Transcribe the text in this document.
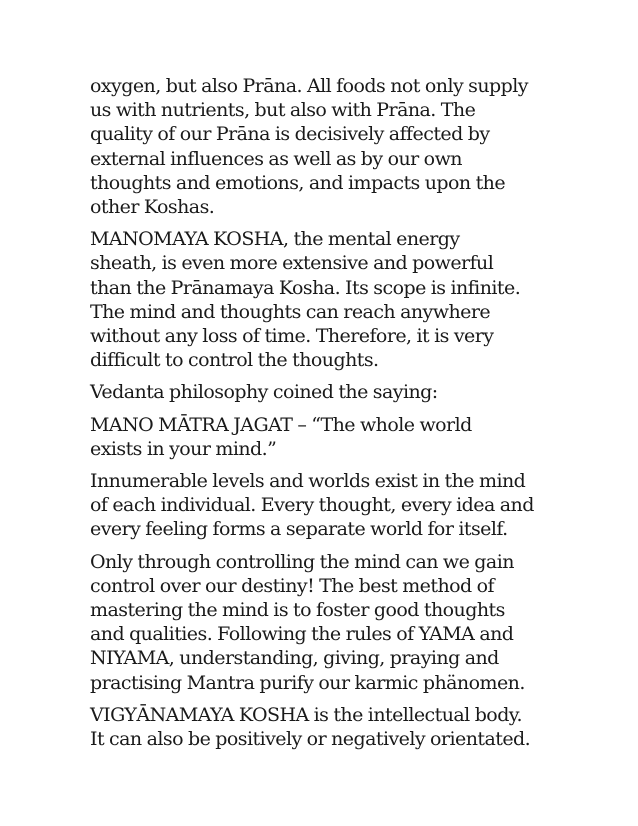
oxygen, but also Prāna. All foods not only supply
us with nutrients, but also with Prāna. The
quality of our Prāna is decisively affected by
external influences as well as by our own
thoughts and emotions, and impacts upon the
other Koshas.

MANOMAYA KOSHA, the mental energy
sheath, is even more extensive and powerful
than the Prānamaya Kosha. Its scope is infinite.
The mind and thoughts can reach anywhere
without any loss of time. Therefore, it is very
difficult to control the thoughts.

Vedanta philosophy coined the saying:

MANO MĀTRA JAGAT – “The whole world
exists in your mind.”

Innumerable levels and worlds exist in the mind
of each individual. Every thought, every idea and
every feeling forms a separate world for itself.

Only through controlling the mind can we gain
control over our destiny! The best method of
mastering the mind is to foster good thoughts
and qualities. Following the rules of YAMA and
NIYAMA, understanding, giving, praying and
practising Mantra purify our karmic phänomen.

VIGYĀNAMAYA KOSHA is the intellectual body.
It can also be positively or negatively orientated.
